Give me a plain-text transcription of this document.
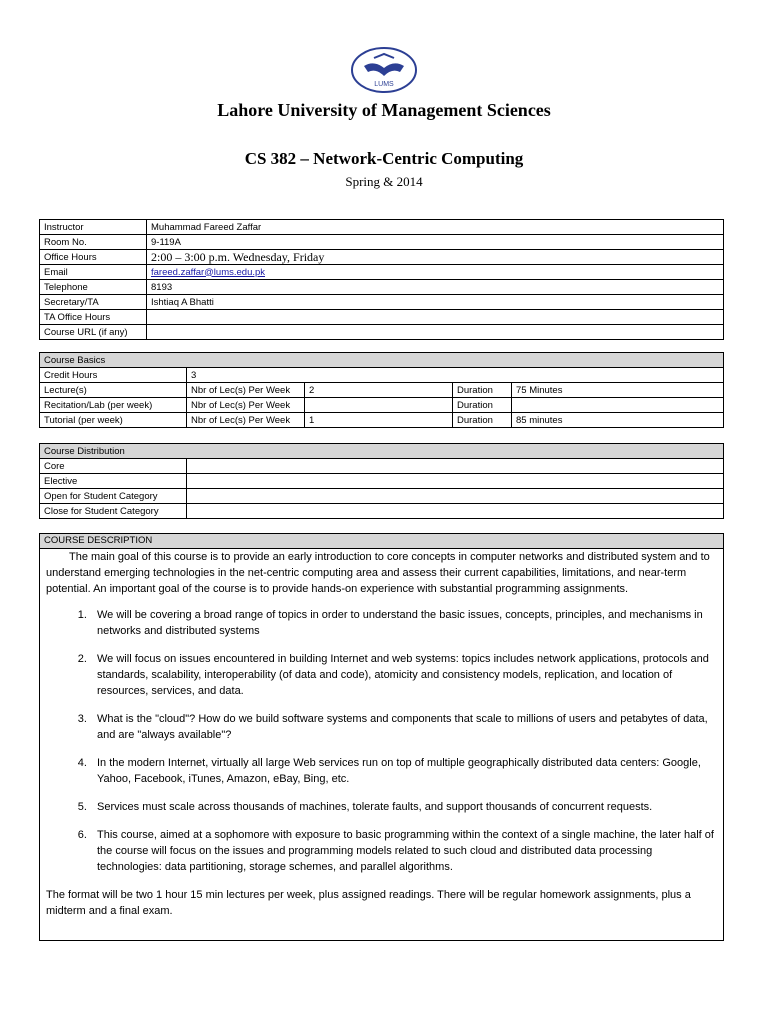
LUMS
Lahore University of Management Sciences
CS 382 – Network-Centric Computing
Spring & 2014
Instructor	Muhammad Fareed Zaffar
Room No.	9-119A
Office Hours	2:00 – 3:00 p.m. Wednesday, Friday
Email	fareed.zaffar@lums.edu.pk
Telephone	8193
Secretary/TA	Ishtiaq A Bhatti
TA Office Hours	
Course URL (if any)	
Course Basics				
Credit Hours	3			
Lecture(s)	Nbr of Lec(s) Per Week	2	Duration	75 Minutes
Recitation/Lab (per week)	Nbr of Lec(s) Per Week		Duration	
Tutorial (per week)	Nbr of Lec(s) Per Week	1	Duration	85 minutes
Course Distribution	
Core	
Elective	
Open for Student Category	
Close for Student Category	
COURSE DESCRIPTION

The main goal of this course is to provide an early introduction to core concepts in computer networks and distributed system and to understand emerging technologies in the net-centric computing area and assess their current capabilities, limitations, and near-term potential. An important goal of the course is to provide hands-on experience with substantial programming assignments.

1. We will be covering a broad range of topics in order to understand the basic issues, concepts, principles, and mechanisms in networks and distributed systems
2. We will focus on issues encountered in building Internet and web systems: topics includes network applications, protocols and standards, scalability, interoperability (of data and code), atomicity and consistency models, replication, and location of resources, services, and data.
3. What is the "cloud"? How do we build software systems and components that scale to millions of users and petabytes of data, and are "always available"?
4. In the modern Internet, virtually all large Web services run on top of multiple geographically distributed data centers: Google, Yahoo, Facebook, iTunes, Amazon, eBay, Bing, etc.
5. Services must scale across thousands of machines, tolerate faults, and support thousands of concurrent requests.
6. This course, aimed at a sophomore with exposure to basic programming within the context of a single machine, the later half of the course will focus on the issues and programming models related to such cloud and distributed data processing technologies: data partitioning, storage schemes, and parallel algorithms.

The format will be two 1 hour 15 min lectures per week, plus assigned readings. There will be regular homework assignments, plus a midterm and a final exam.
